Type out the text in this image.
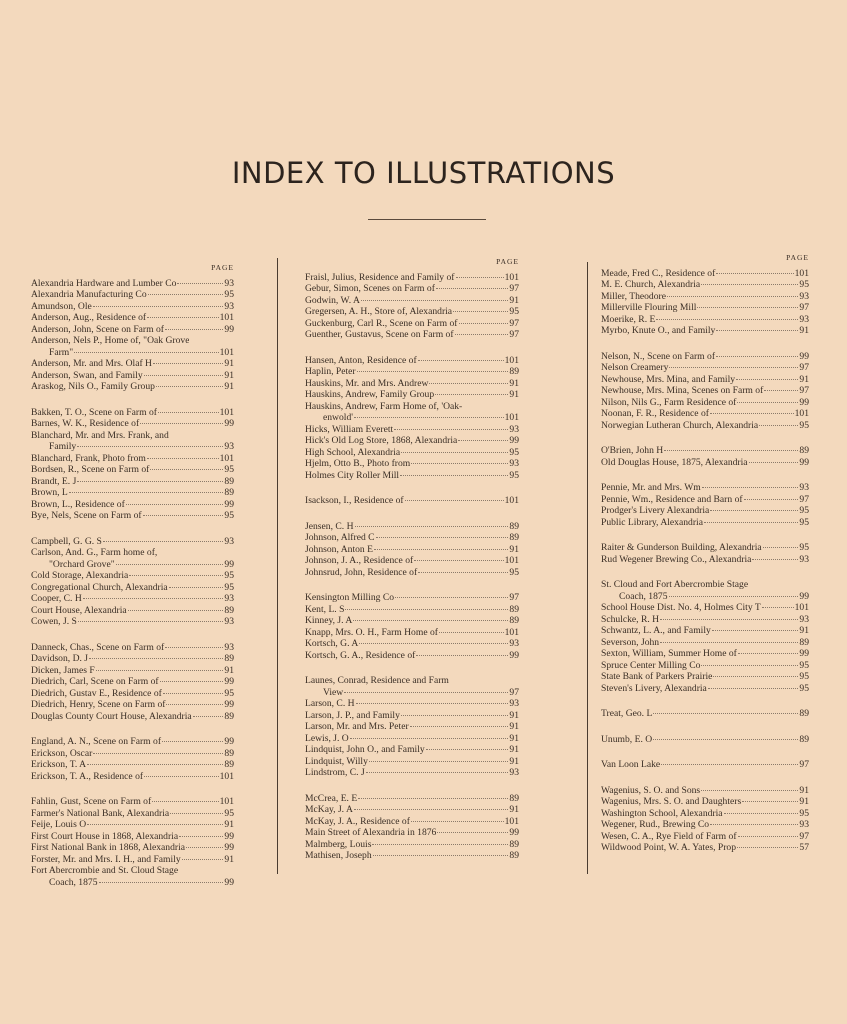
INDEX TO ILLUSTRATIONS
PAGE
Alexandria Hardware and Lumber Co	93
Alexandria Manufacturing Co	95
Amundson, Ole	93
Anderson, Aug., Residence of	101
Anderson, John, Scene on Farm of	99
Anderson, Nels P., Home of, "Oak Grove
Farm"	101
Anderson, Mr. and Mrs. Olaf H	91
Anderson, Swan, and Family	91
Araskog, Nils O., Family Group	91
Bakken, T. O., Scene on Farm of	101
Barnes, W. K., Residence of	99
Blanchard, Mr. and Mrs. Frank, and
Family	93
Blanchard, Frank, Photo from	101
Bordsen, R., Scene on Farm of	95
Brandt, E. J	89
Brown, L	89
Brown, L., Residence of	99
Bye, Nels, Scene on Farm of	95
Campbell, G. G. S	93
Carlson, And. G., Farm home of,
"Orchard Grove"	99
Cold Storage, Alexandria	95
Congregational Church, Alexandria	95
Cooper, C. H	93
Court House, Alexandria	89
Cowen, J. S	93
Danneck, Chas., Scene on Farm of	93
Davidson, D. J	89
Dicken, James F	91
Diedrich, Carl, Scene on Farm of	99
Diedrich, Gustav E., Residence of	95
Diedrich, Henry, Scene on Farm of	99
Douglas County Court House, Alexandria	89
England, A. N., Scene on Farm of	99
Erickson, Oscar	89
Erickson, T. A	89
Erickson, T. A., Residence of	101
Fahlin, Gust, Scene on Farm of	101
Farmer's National Bank, Alexandria	95
Feije, Louis O	91
First Court House in 1868, Alexandria	99
First National Bank in 1868, Alexandria	99
Forster, Mr. and Mrs. I. H., and Family	91
Fort Abercrombie and St. Cloud Stage
Coach, 1875	99
PAGE
Fraisl, Julius, Residence and Family of	101
Gebur, Simon, Scenes on Farm of	97
Godwin, W. A	91
Gregersen, A. H., Store of, Alexandria	95
Guckenburg, Carl R., Scene on Farm of	97
Guenther, Gustavus, Scene on Farm of	97
Hansen, Anton, Residence of	101
Haplin, Peter	89
Hauskins, Mr. and Mrs. Andrew	91
Hauskins, Andrew, Family Group	91
Hauskins, Andrew, Farm Home of, 'Oak-
enwold'	101
Hicks, William Everett	93
Hick's Old Log Store, 1868, Alexandria	99
High School, Alexandria	95
Hjelm, Otto B., Photo from	93
Holmes City Roller Mill	95
Isackson, I., Residence of	101
Jensen, C. H	89
Johnson, Alfred C	89
Johnson, Anton E	91
Johnson, J. A., Residence of	101
Johnsrud, John, Residence of	95
Kensington Milling Co	97
Kent, L. S	89
Kinney, J. A	89
Knapp, Mrs. O. H., Farm Home of	101
Kortsch, G. A	93
Kortsch, G. A., Residence of	99
Launes, Conrad, Residence and Farm
View	97
Larson, C. H	93
Larson, J. P., and Family	91
Larson, Mr. and Mrs. Peter	91
Lewis, J. O	91
Lindquist, John O., and Family	91
Lindquist, Willy	91
Lindstrom, C. J	93
McCrea, E. E	89
McKay, J. A	91
McKay, J. A., Residence of	101
Main Street of Alexandria in 1876	99
Malmberg, Louis	89
Mathisen, Joseph	89
PAGE
Meade, Fred C., Residence of	101
M. E. Church, Alexandria	95
Miller, Theodore	93
Millerville Flouring Mill	97
Moerike, R. E	93
Myrbo, Knute O., and Family	91
Nelson, N., Scene on Farm of	99
Nelson Creamery	97
Newhouse, Mrs. Mina, and Family	91
Newhouse, Mrs. Mina, Scenes on Farm of	97
Nilson, Nils G., Farm Residence of	99
Noonan, F. R., Residence of	101
Norwegian Lutheran Church, Alexandria	95
O'Brien, John H	89
Old Douglas House, 1875, Alexandria	99
Pennie, Mr. and Mrs. Wm	93
Pennie, Wm., Residence and Barn of	97
Prodger's Livery Alexandria	95
Public Library, Alexandria	95
Raiter & Gunderson Building, Alexandria	95
Rud Wegener Brewing Co., Alexandria	93
St. Cloud and Fort Abercrombie Stage
Coach, 1875	99
School House Dist. No. 4, Holmes City T	101
Schulcke, R. H	93
Schwantz, L. A., and Family	91
Severson, John	89
Sexton, William, Summer Home of	99
Spruce Center Milling Co	95
State Bank of Parkers Prairie	95
Steven's Livery, Alexandria	95
Treat, Geo. L	89
Unumb, E. O	89
Van Loon Lake	97
Wagenius, S. O. and Sons	91
Wagenius, Mrs. S. O. and Daughters	91
Washington School, Alexandria	95
Wegener, Rud., Brewing Co	93
Wesen, C. A., Rye Field of Farm of	97
Wildwood Point, W. A. Yates, Prop	57
